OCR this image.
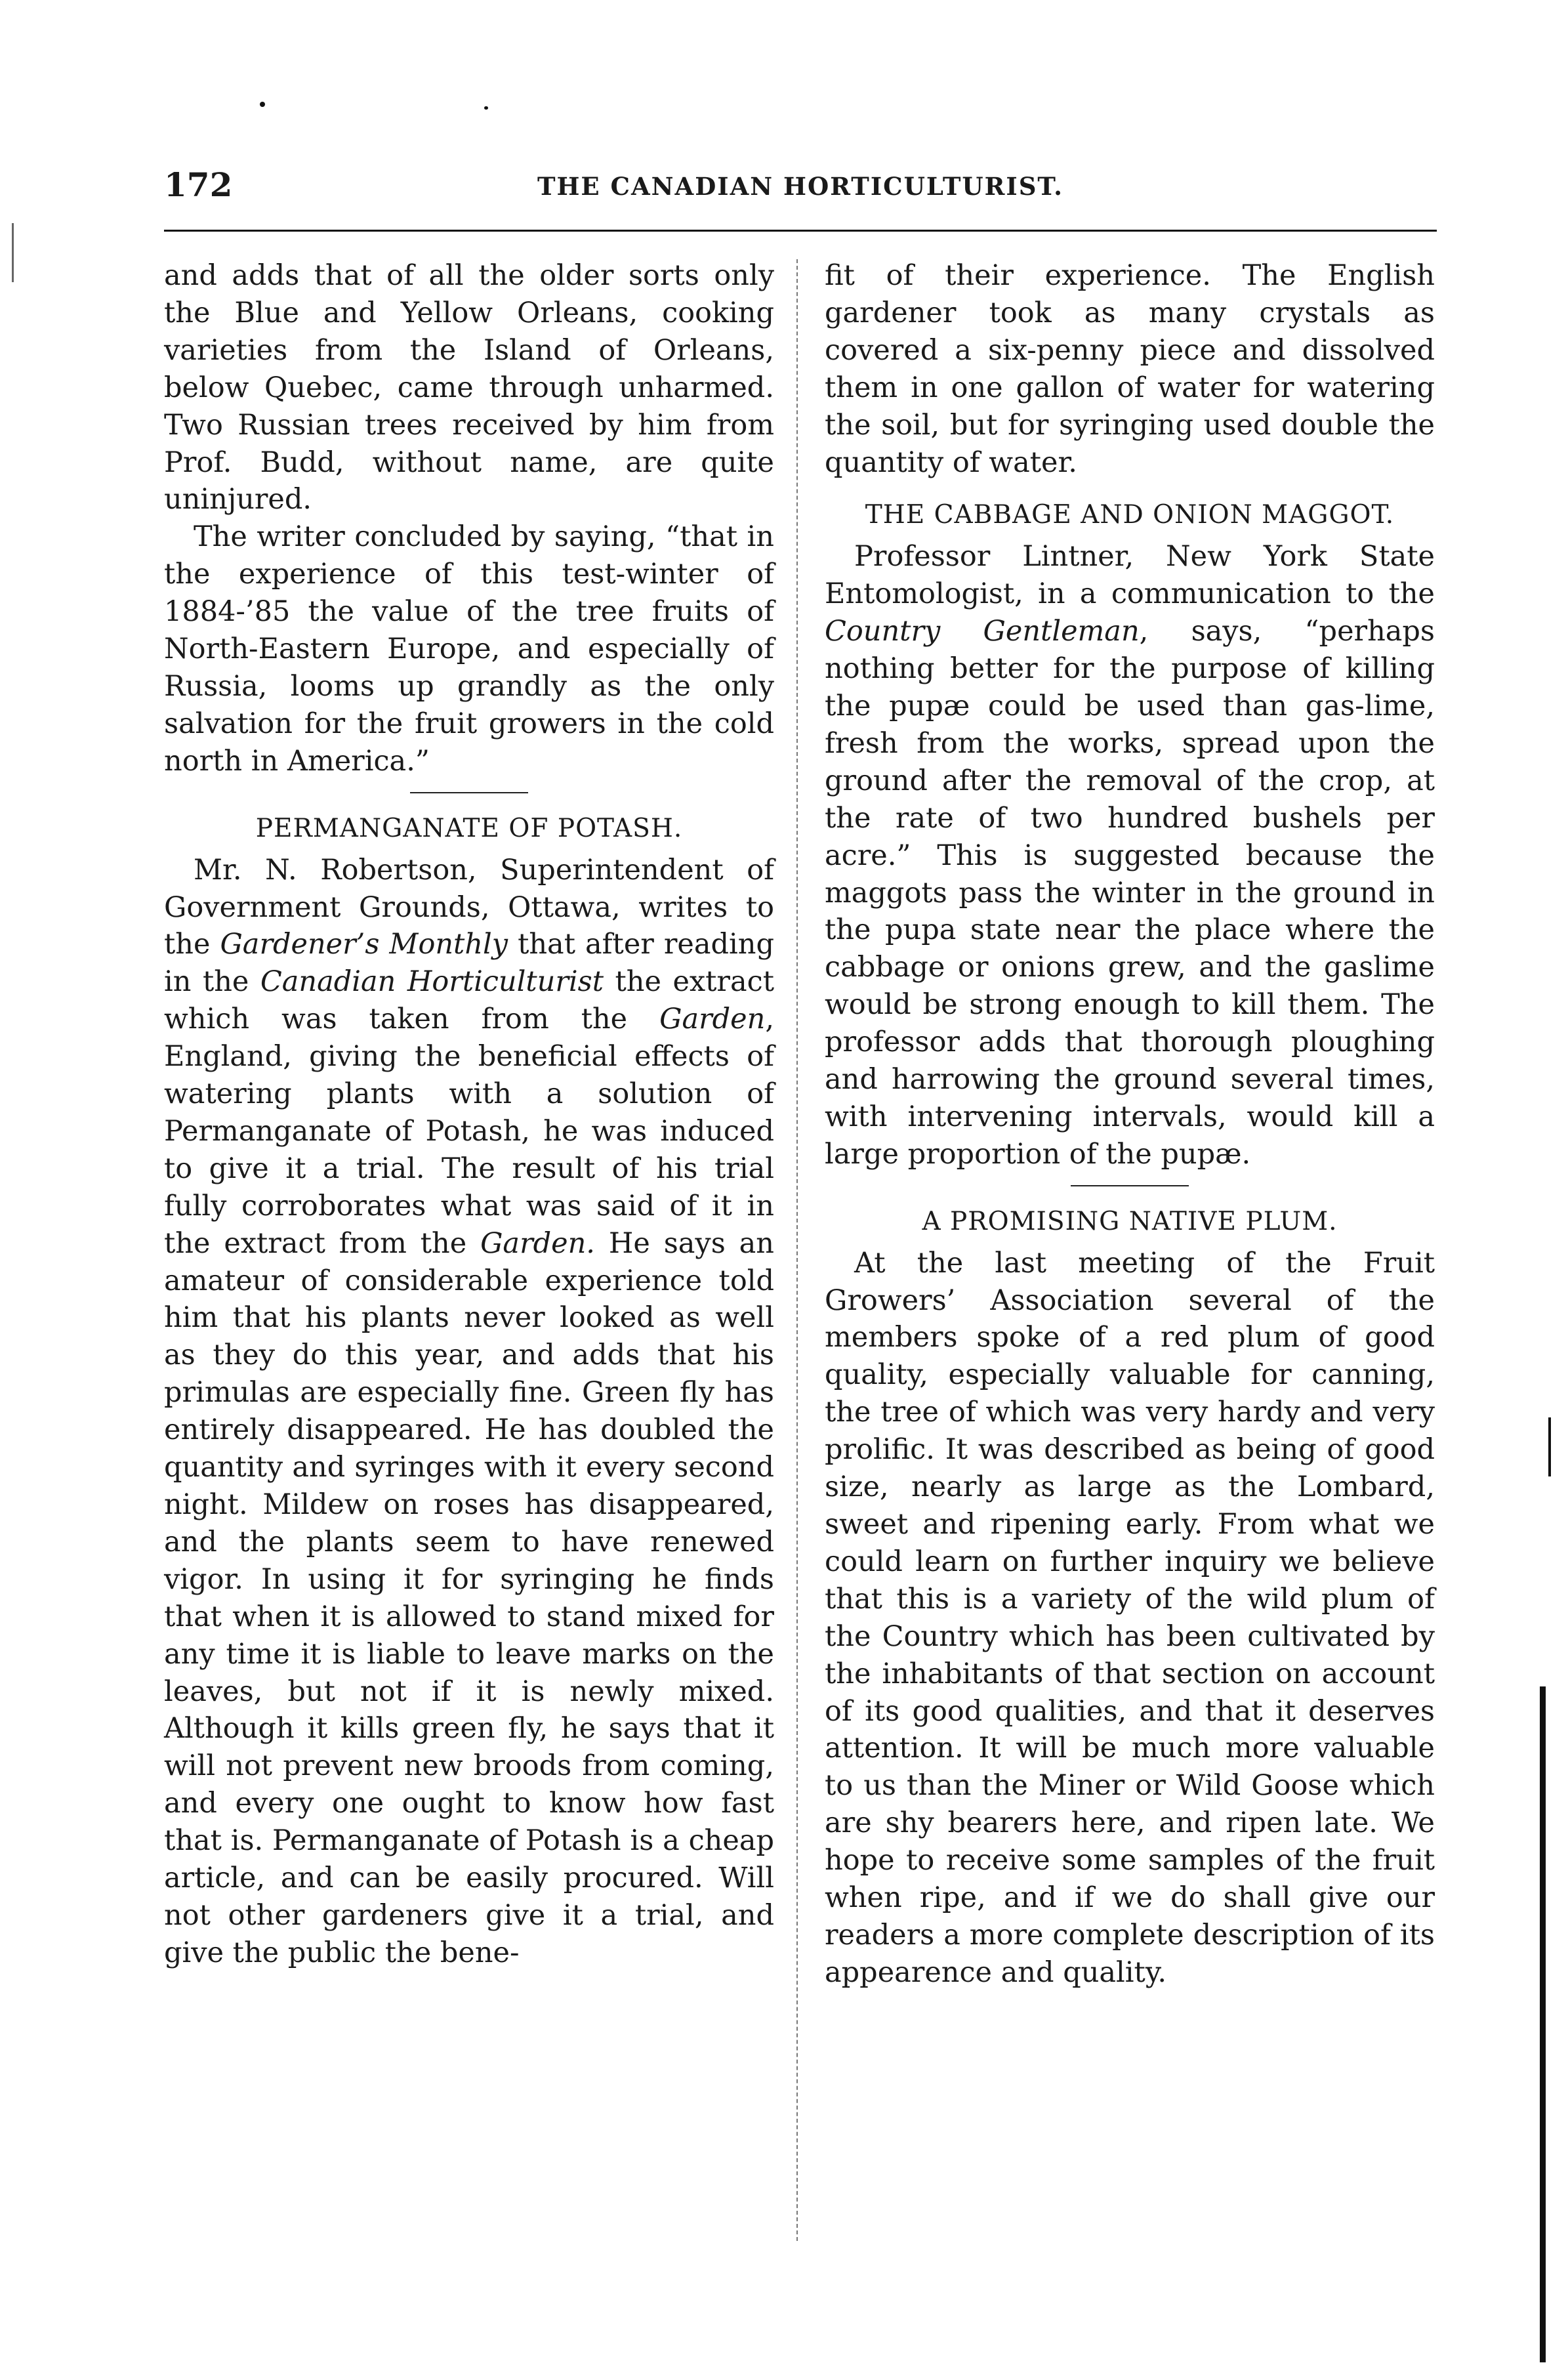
172	THE CANADIAN HORTICULTURIST.

and adds that of all the older sorts only the Blue and Yellow Orleans, cooking varieties from the Island of Orleans, below Quebec, came through unharmed. Two Russian trees received by him from Prof. Budd, without name, are quite uninjured.

The writer concluded by saying, “that in the experience of this test-winter of 1884-’85 the value of the tree fruits of North-Eastern Europe, and especially of Russia, looms up grandly as the only salvation for the fruit growers in the cold north in America.”

PERMANGANATE OF POTASH.

Mr. N. Robertson, Superintendent of Government Grounds, Ottawa, writes to the Gardener’s Monthly that after reading in the Canadian Horticulturist the extract which was taken from the Garden, England, giving the beneficial effects of watering plants with a solution of Permanganate of Potash, he was induced to give it a trial. The result of his trial fully corroborates what was said of it in the extract from the Garden. He says an amateur of considerable experience told him that his plants never looked as well as they do this year, and adds that his primulas are especially fine. Green fly has entirely disappeared. He has doubled the quantity and syringes with it every second night. Mildew on roses has disappeared, and the plants seem to have renewed vigor. In using it for syringing he finds that when it is allowed to stand mixed for any time it is liable to leave marks on the leaves, but not if it is newly mixed. Although it kills green fly, he says that it will not prevent new broods from coming, and every one ought to know how fast that is. Permanganate of Potash is a cheap article, and can be easily procured. Will not other gardeners give it a trial, and give the public the bene-

fit of their experience. The English gardener took as many crystals as covered a six-penny piece and dissolved them in one gallon of water for watering the soil, but for syringing used double the quantity of water.

THE CABBAGE AND ONION MAGGOT.

Professor Lintner, New York State Entomologist, in a communication to the Country Gentleman, says, “perhaps nothing better for the purpose of killing the pupæ could be used than gas-lime, fresh from the works, spread upon the ground after the removal of the crop, at the rate of two hundred bushels per acre.” This is suggested because the maggots pass the winter in the ground in the pupa state near the place where the cabbage or onions grew, and the gaslime would be strong enough to kill them. The professor adds that thorough ploughing and harrowing the ground several times, with intervening intervals, would kill a large proportion of the pupæ.

A PROMISING NATIVE PLUM.

At the last meeting of the Fruit Growers’ Association several of the members spoke of a red plum of good quality, especially valuable for canning, the tree of which was very hardy and very prolific. It was described as being of good size, nearly as large as the Lombard, sweet and ripening early. From what we could learn on further inquiry we believe that this is a variety of the wild plum of the Country which has been cultivated by the inhabitants of that section on account of its good qualities, and that it deserves attention. It will be much more valuable to us than the Miner or Wild Goose which are shy bearers here, and ripen late. We hope to receive some samples of the fruit when ripe, and if we do shall give our readers a more complete description of its appearence and quality.
